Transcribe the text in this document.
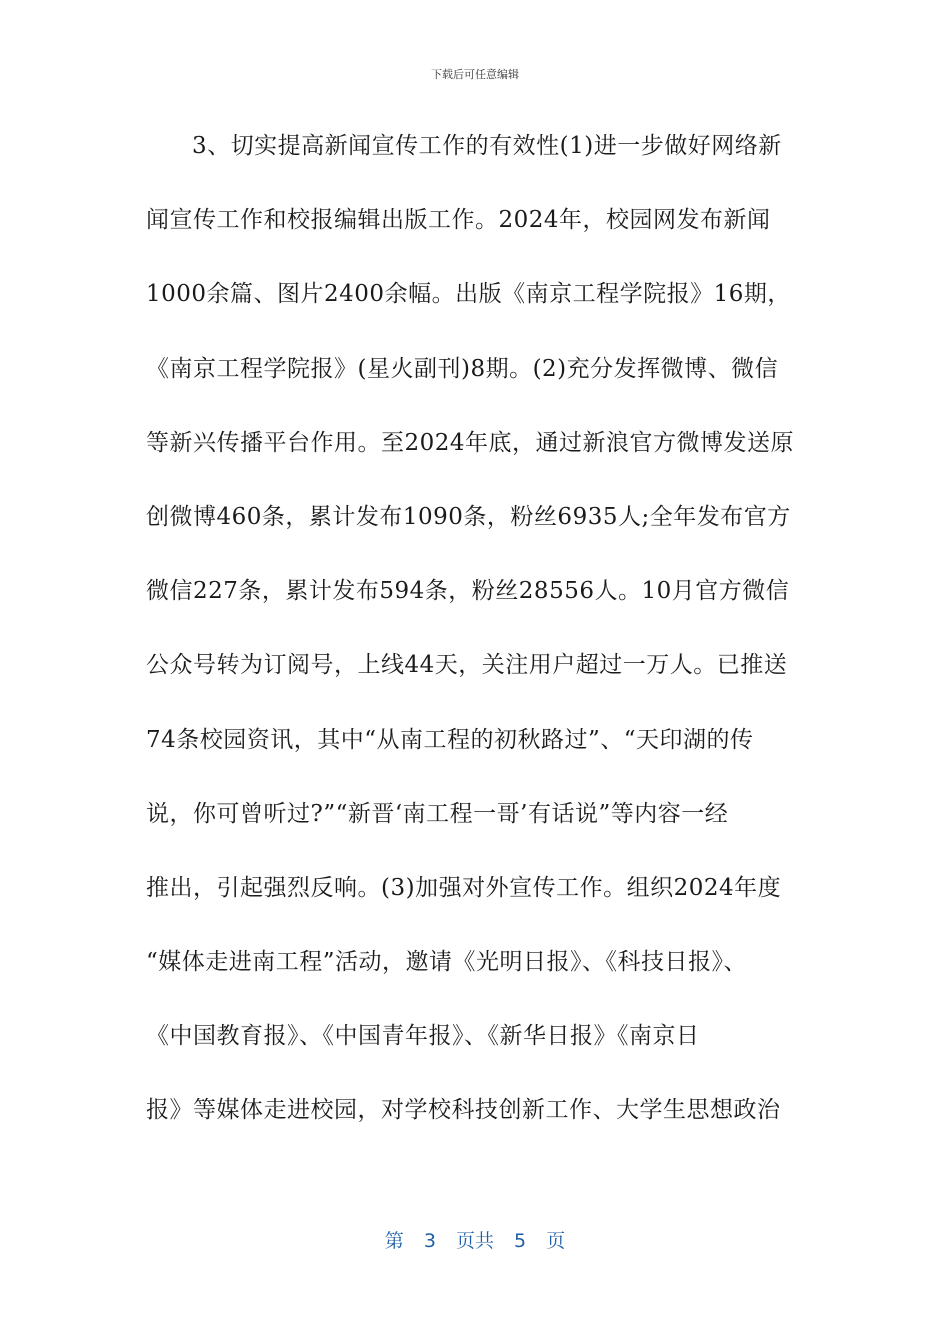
下载后可任意编辑
3、切实提高新闻宣传工作的有效性(1)进一步做好网络新
闻宣传工作和校报编辑出版工作。2024年，校园网发布新闻
1000余篇、图片2400余幅。出版《南京工程学院报》16期，
《南京工程学院报》(星火副刊)8期。(2)充分发挥微博、微信
等新兴传播平台作用。至2024年底，通过新浪官方微博发送原
创微博460条，累计发布1090条，粉丝6935人;全年发布官方
微信227条，累计发布594条，粉丝28556人。10月官方微信
公众号转为订阅号，上线44天，关注用户超过一万人。已推送
74条校园资讯，其中“从南工程的初秋路过”、“天印湖的传
说，你可曾听过?”“新晋‘南工程一哥’有话说”等内容一经
推出，引起强烈反响。(3)加强对外宣传工作。组织2024年度
“媒体走进南工程”活动，邀请《光明日报》、《科技日报》、
《中国教育报》、《中国青年报》、《新华日报》《南京日
报》等媒体走进校园，对学校科技创新工作、大学生思想政治
第 3 页共 5 页
